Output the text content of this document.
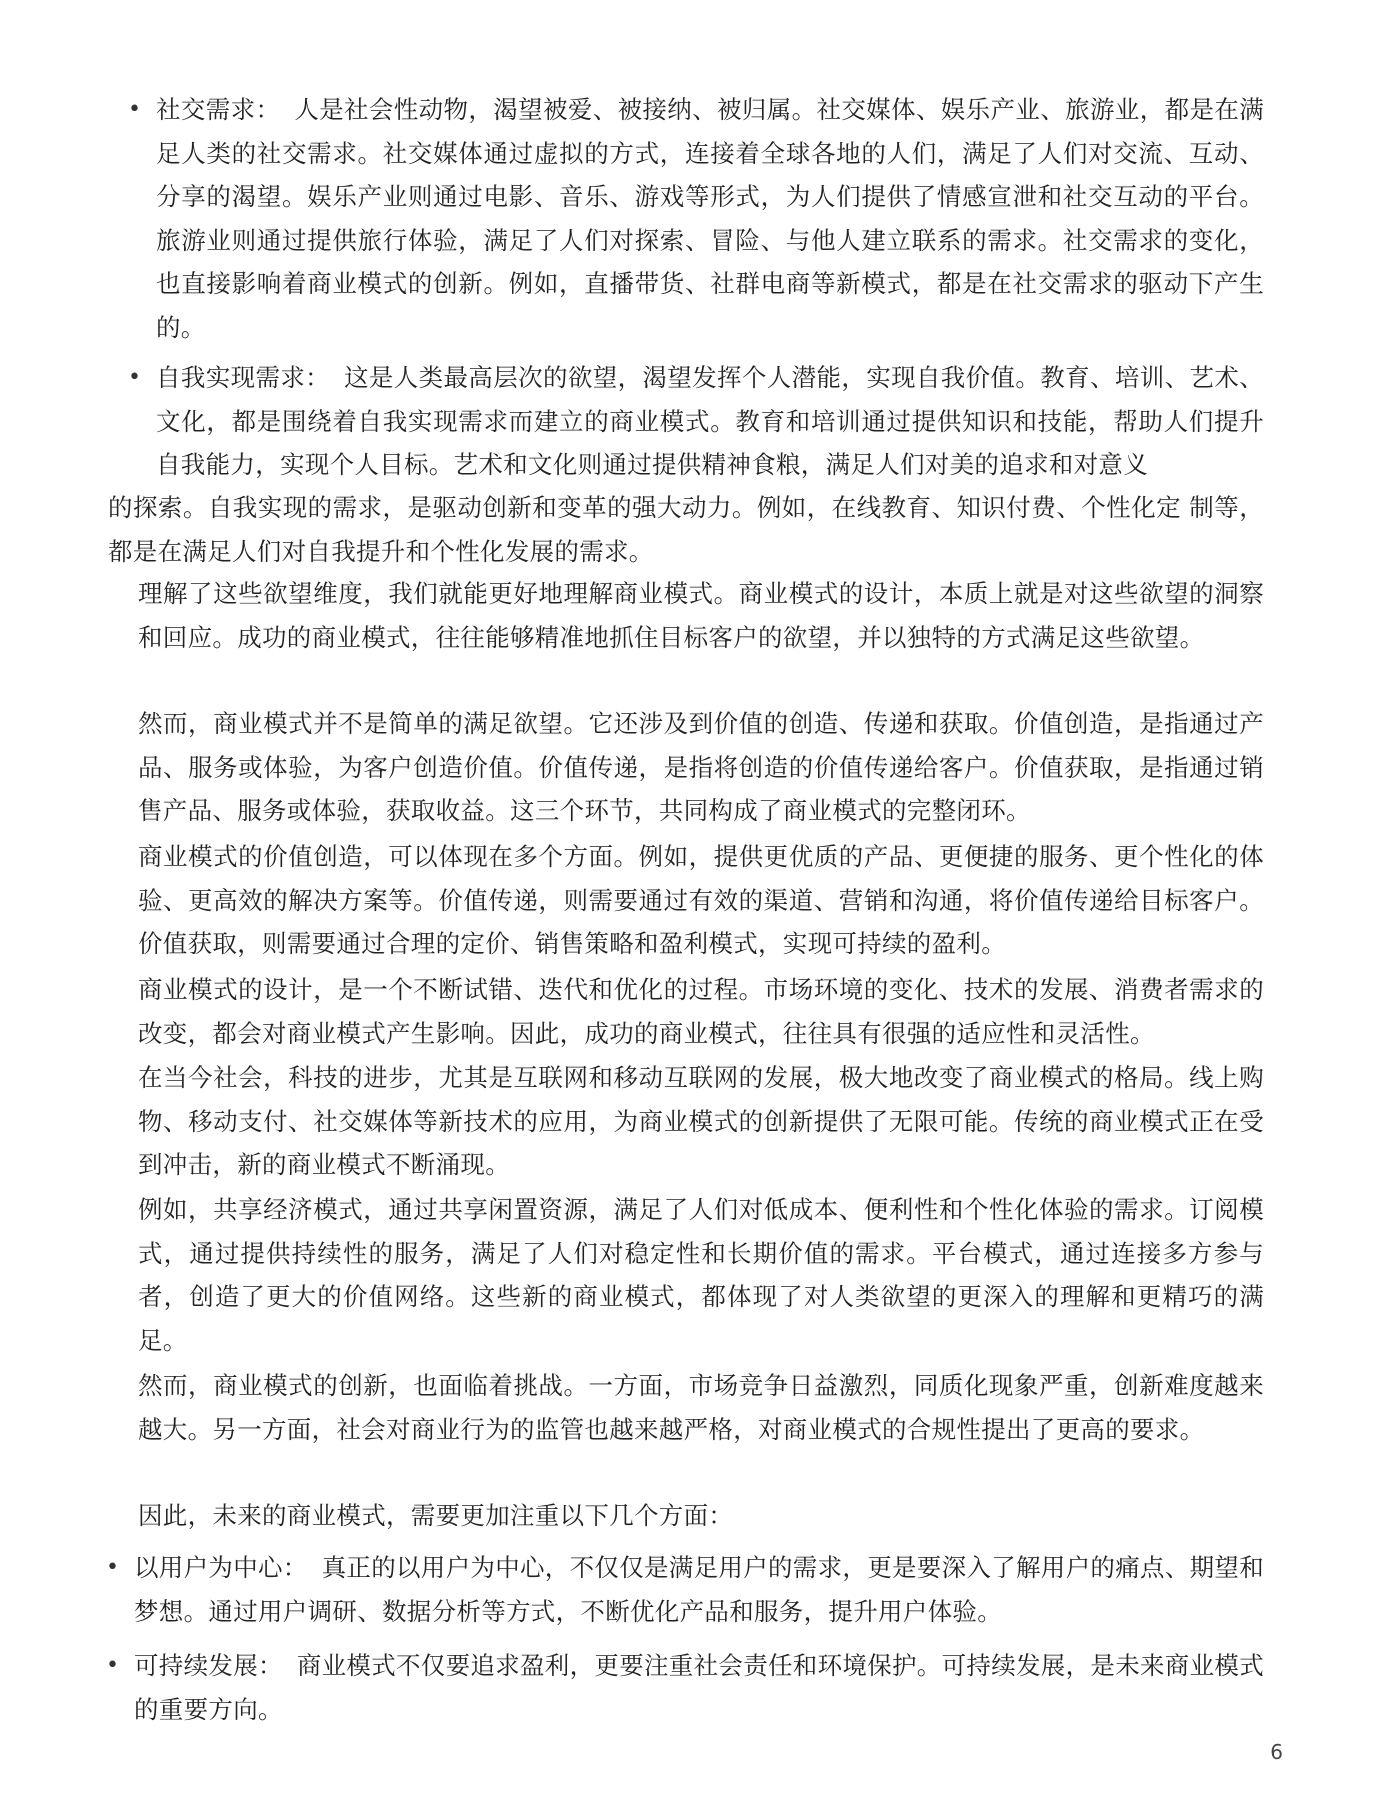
• 社交需求： 人是社会性动物，渴望被爱、被接纳、被归属。社交媒体、娱乐产业、旅游业，都是在满足人类的社交需求。社交媒体通过虚拟的方式，连接着全球各地的人们，满足了人们对交流、互动、分享的渴望。娱乐产业则通过电影、音乐、游戏等形式，为人们提供了情感宣泄和社交互动的平台。旅游业则通过提供旅行体验，满足了人们对探索、冒险、与他人建立联系的需求。社交需求的变化，也直接影响着商业模式的创新。例如，直播带货、社群电商等新模式，都是在社交需求的驱动下产生的。

• 自我实现需求： 这是人类最高层次的欲望，渴望发挥个人潜能，实现自我价值。教育、培训、艺术、文化，都是围绕着自我实现需求而建立的商业模式。教育和培训通过提供知识和技能，帮助人们提升自我能力，实现个人目标。艺术和文化则通过提供精神食粮，满足人们对美的追求和对意义

的探索。自我实现的需求，是驱动创新和变革的强大动力。例如，在线教育、知识付费、个性化定 制等，都是在满足人们对自我提升和个性化发展的需求。

理解了这些欲望维度，我们就能更好地理解商业模式。商业模式的设计，本质上就是对这些欲望的洞察和回应。成功的商业模式，往往能够精准地抓住目标客户的欲望，并以独特的方式满足这些欲望。

然而，商业模式并不是简单的满足欲望。它还涉及到价值的创造、传递和获取。价值创造，是指通过产品、服务或体验，为客户创造价值。价值传递，是指将创造的价值传递给客户。价值获取，是指通过销售产品、服务或体验，获取收益。这三个环节，共同构成了商业模式的完整闭环。

商业模式的价值创造，可以体现在多个方面。例如，提供更优质的产品、更便捷的服务、更个性化的体验、更高效的解决方案等。价值传递，则需要通过有效的渠道、营销和沟通，将价值传递给目标客户。价值获取，则需要通过合理的定价、销售策略和盈利模式，实现可持续的盈利。

商业模式的设计，是一个不断试错、迭代和优化的过程。市场环境的变化、技术的发展、消费者需求的改变，都会对商业模式产生影响。因此，成功的商业模式，往往具有很强的适应性和灵活性。

在当今社会，科技的进步，尤其是互联网和移动互联网的发展，极大地改变了商业模式的格局。线上购物、移动支付、社交媒体等新技术的应用，为商业模式的创新提供了无限可能。传统的商业模式正在受到冲击，新的商业模式不断涌现。

例如，共享经济模式，通过共享闲置资源，满足了人们对低成本、便利性和个性化体验的需求。订阅模式，通过提供持续性的服务，满足了人们对稳定性和长期价值的需求。平台模式，通过连接多方参与者，创造了更大的价值网络。这些新的商业模式，都体现了对人类欲望的更深入的理解和更精巧的满足。

然而，商业模式的创新，也面临着挑战。一方面，市场竞争日益激烈，同质化现象严重，创新难度越来越大。另一方面，社会对商业行为的监管也越来越严格，对商业模式的合规性提出了更高的要求。

因此，未来的商业模式，需要更加注重以下几个方面：

• 以用户为中心： 真正的以用户为中心，不仅仅是满足用户的需求，更是要深入了解用户的痛点、期望和梦想。通过用户调研、数据分析等方式，不断优化产品和服务，提升用户体验。

• 可持续发展： 商业模式不仅要追求盈利，更要注重社会责任和环境保护。可持续发展，是未来商业模式的重要方向。

6
